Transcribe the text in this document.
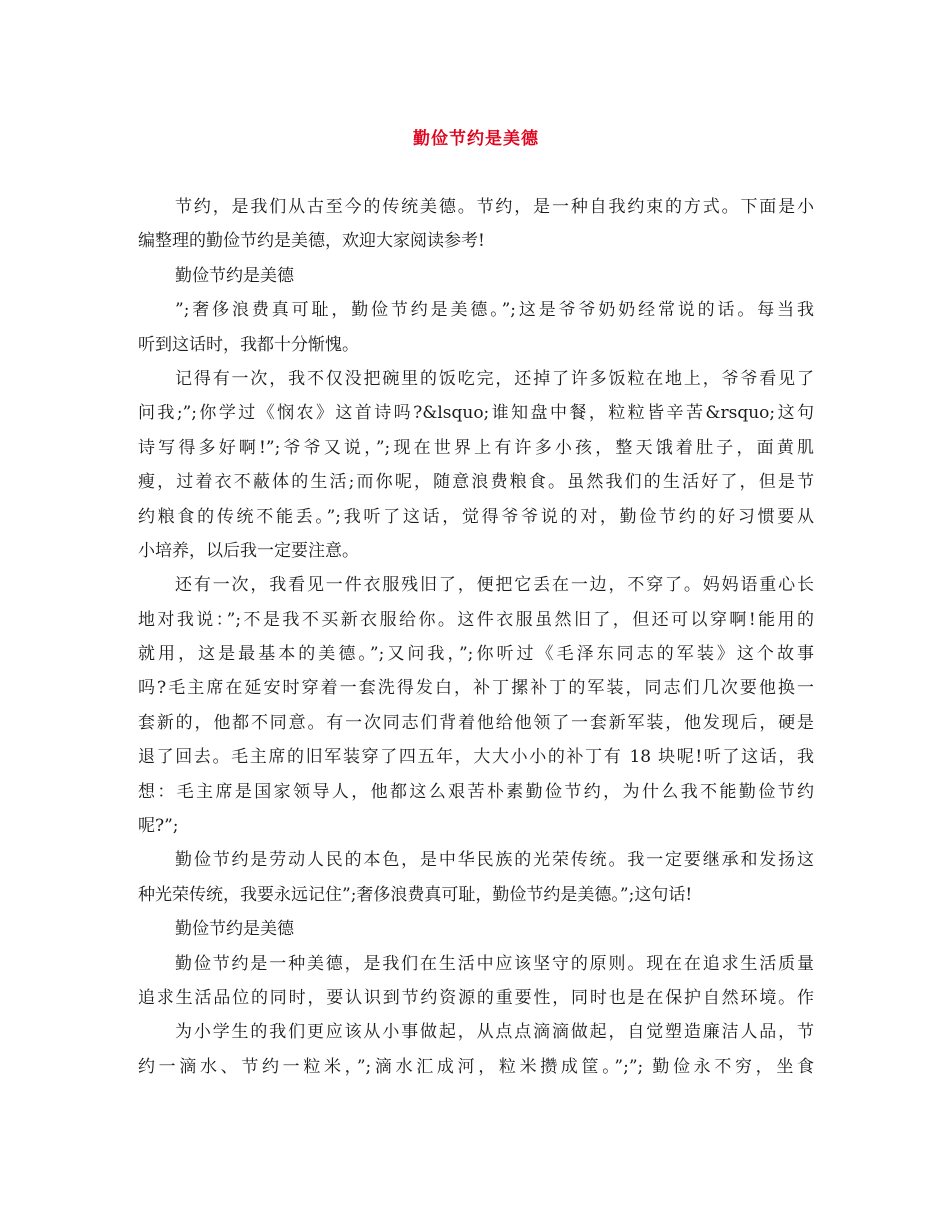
勤俭节约是美德
节约，是我们从古至今的传统美德。节约，是一种自我约束的方式。下面是小
编整理的勤俭节约是美德，欢迎大家阅读参考!
勤俭节约是美德
”;奢侈浪费真可耻，勤俭节约是美德。”;这是爷爷奶奶经常说的话。每当我
听到这话时，我都十分惭愧。
记得有一次，我不仅没把碗里的饭吃完，还掉了许多饭粒在地上，爷爷看见了
问我;”;你学过《悯农》这首诗吗?&lsquo;谁知盘中餐，粒粒皆辛苦&rsquo;这句
诗写得多好啊!”;爷爷又说，”;现在世界上有许多小孩，整天饿着肚子，面黄肌
瘦，过着衣不蔽体的生活;而你呢，随意浪费粮食。虽然我们的生活好了，但是节
约粮食的传统不能丢。”;我听了这话，觉得爷爷说的对，勤俭节约的好习惯要从
小培养，以后我一定要注意。
还有一次，我看见一件衣服残旧了，便把它丢在一边，不穿了。妈妈语重心长
地对我说：”;不是我不买新衣服给你。这件衣服虽然旧了，但还可以穿啊!能用的
就用，这是最基本的美德。”;又问我，”;你听过《毛泽东同志的军装》这个故事
吗?毛主席在延安时穿着一套洗得发白，补丁摞补丁的军装，同志们几次要他换一
套新的，他都不同意。有一次同志们背着他给他领了一套新军装，他发现后，硬是
退了回去。毛主席的旧军装穿了四五年，大大小小的补丁有 18 块呢!听了这话，我
想：毛主席是国家领导人，他都这么艰苦朴素勤俭节约，为什么我不能勤俭节约
呢?”;
勤俭节约是劳动人民的本色，是中华民族的光荣传统。我一定要继承和发扬这
种光荣传统，我要永远记住”;奢侈浪费真可耻，勤俭节约是美德。”;这句话!
勤俭节约是美德
勤俭节约是一种美德，是我们在生活中应该坚守的原则。现在在追求生活质量
追求生活品位的同时，要认识到节约资源的重要性，同时也是在保护自然环境。作
为小学生的我们更应该从小事做起，从点点滴滴做起，自觉塑造廉洁人品，节
约一滴水、节约一粒米，”;滴水汇成河，粒米攒成筐。”;”; 勤俭永不穷，坐食
